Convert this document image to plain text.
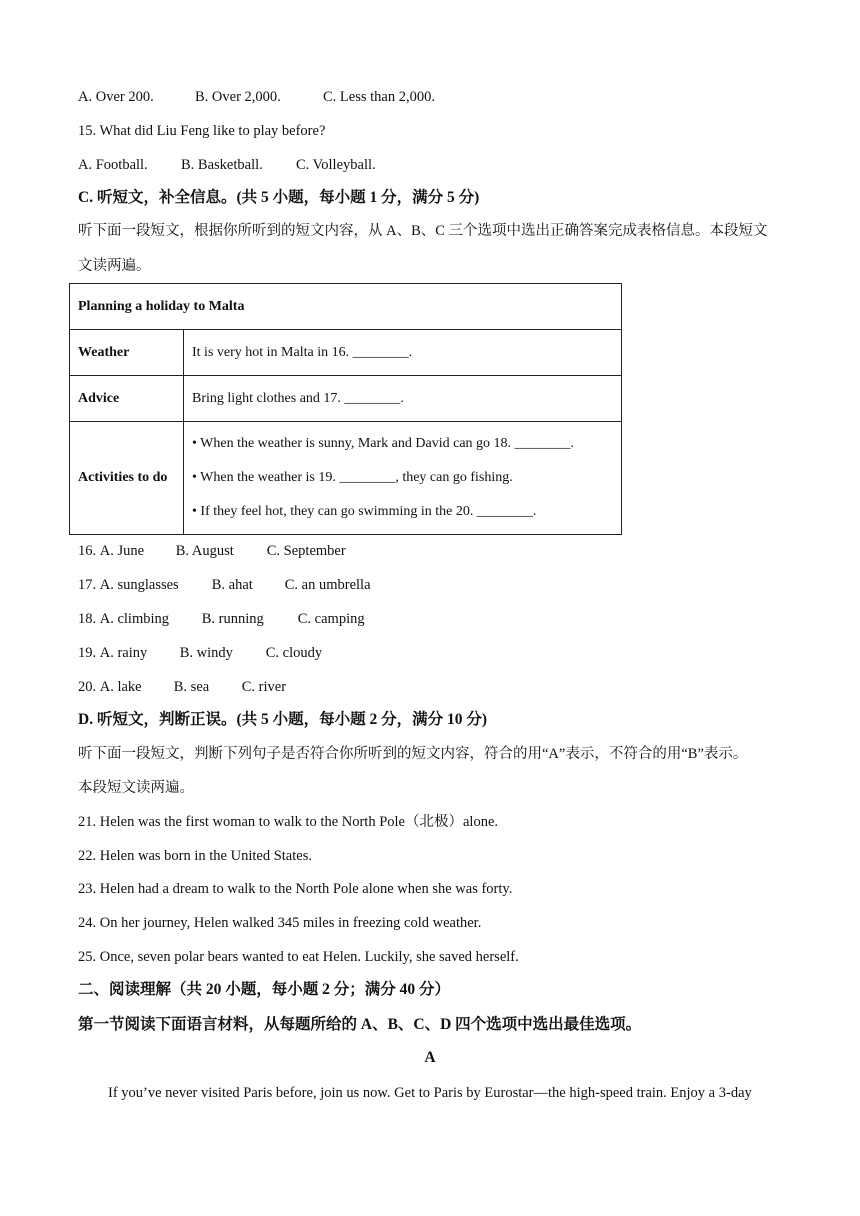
A. Over 200.	B. Over 2,000.	C. Less than 2,000.
15. What did Liu Feng like to play before?
A. Football. B. Basketball. C. Volleyball.
C. 听短文，补全信息。(共 5 小题，每小题 1 分，满分 5 分)
听下面一段短文，根据你所听到的短文内容，从 A、B、C 三个选项中选出正确答案完成表格信息。本段短文
文读两遍。
Planning a holiday to Malta	
Weather	It is very hot in Malta in 16. ________.
Advice	Bring light clothes and 17. ________.
Activities to do	• When the weather is sunny, Mark and David can go 18. ________.
• When the weather is 19. ________, they can go fishing.
• If they feel hot, they can go swimming in the 20. ________.
16. A. June B. August C. September
17. A. sunglasses B. ahat C. an umbrella
18. A. climbing B. running C. camping
19. A. rainy B. windy C. cloudy
20. A. lake B. sea C. river
D. 听短文，判断正误。(共 5 小题，每小题 2 分，满分 10 分)
听下面一段短文，判断下列句子是否符合你所听到的短文内容，符合的用“A”表示，不符合的用“B”表示。
本段短文读两遍。
21. Helen was the first woman to walk to the North Pole（北极）alone.
22. Helen was born in the United States.
23. Helen had a dream to walk to the North Pole alone when she was forty.
24. On her journey, Helen walked 345 miles in freezing cold weather.
25. Once, seven polar bears wanted to eat Helen. Luckily, she saved herself.
二、阅读理解（共 20 小题，每小题 2 分；满分 40 分）
第一节阅读下面语言材料，从每题所给的 A、B、C、D 四个选项中选出最佳选项。
A
If you’ve never visited Paris before, join us now. Get to Paris by Eurostar—the high-speed train. Enjoy a 3-day
